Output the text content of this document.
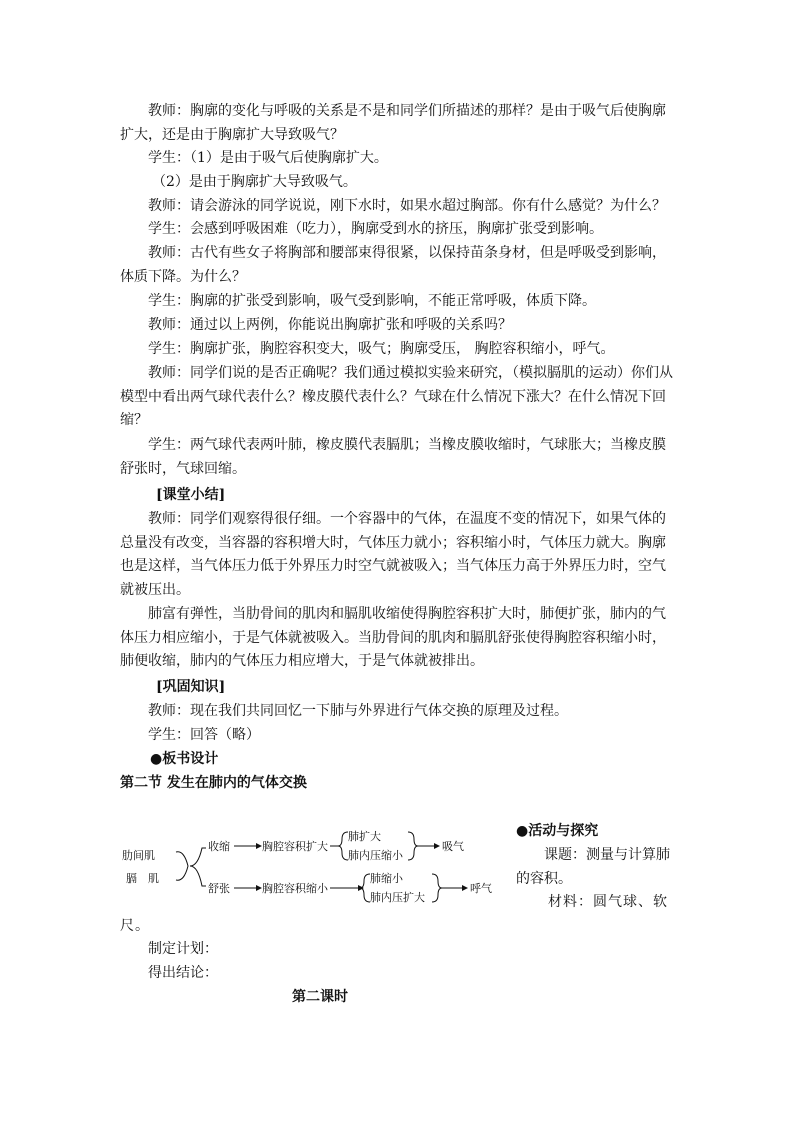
教师：胸廓的变化与呼吸的关系是不是和同学们所描述的那样？是由于吸气后使胸廓扩大，还是由于胸廓扩大导致吸气？

学生：（1）是由于吸气后使胸廓扩大。

（2）是由于胸廓扩大导致吸气。

教师：请会游泳的同学说说，刚下水时，如果水超过胸部。你有什么感觉？为什么？

学生：会感到呼吸困难（吃力），胸廓受到水的挤压，胸廓扩张受到影响。

教师：古代有些女子将胸部和腰部束得很紧，以保持苗条身材，但是呼吸受到影响，体质下降。为什么？

学生：胸廓的扩张受到影响，吸气受到影响，不能正常呼吸，体质下降。

教师：通过以上两例，你能说出胸廓扩张和呼吸的关系吗？

学生：胸廓扩张，胸腔容积变大，吸气；胸廓受压， 胸腔容积缩小，呼气。

教师：同学们说的是否正确呢？我们通过模拟实验来研究，（模拟膈肌的运动）你们从模型中看出两气球代表什么？橡皮膜代表什么？气球在什么情况下涨大？在什么情况下回缩？

学生：两气球代表两叶肺，橡皮膜代表膈肌；当橡皮膜收缩时，气球胀大；当橡皮膜舒张时，气球回缩。

[课堂小结]

教师：同学们观察得很仔细。一个容器中的气体，在温度不变的情况下，如果气体的总量没有改变，当容器的容积增大时，气体压力就小；容积缩小时，气体压力就大。胸廓也是这样，当气体压力低于外界压力时空气就被吸入；当气体压力高于外界压力时，空气就被压出。

肺富有弹性，当肋骨间的肌肉和膈肌收缩使得胸腔容积扩大时，肺便扩张，肺内的气体压力相应缩小，于是气体就被吸入。当肋骨间的肌肉和膈肌舒张使得胸腔容积缩小时，肺便收缩，肺内的气体压力相应增大，于是气体就被排出。

[巩固知识]

教师：现在我们共同回忆一下肺与外界进行气体交换的原理及过程。

学生：回答（略）

●板书设计

第二节 发生在肺内的气体交换

肋间肌
膈　肌
收缩
舒张
胸腔容积扩大
胸腔容积缩小
肺扩大
肺内压缩小
吸气
肺缩小
肺内压扩大
呼气

●活动与探究

课题：测量与计算肺的容积。

材料：圆气球、软尺。

制定计划：

得出结论：

第二课时
